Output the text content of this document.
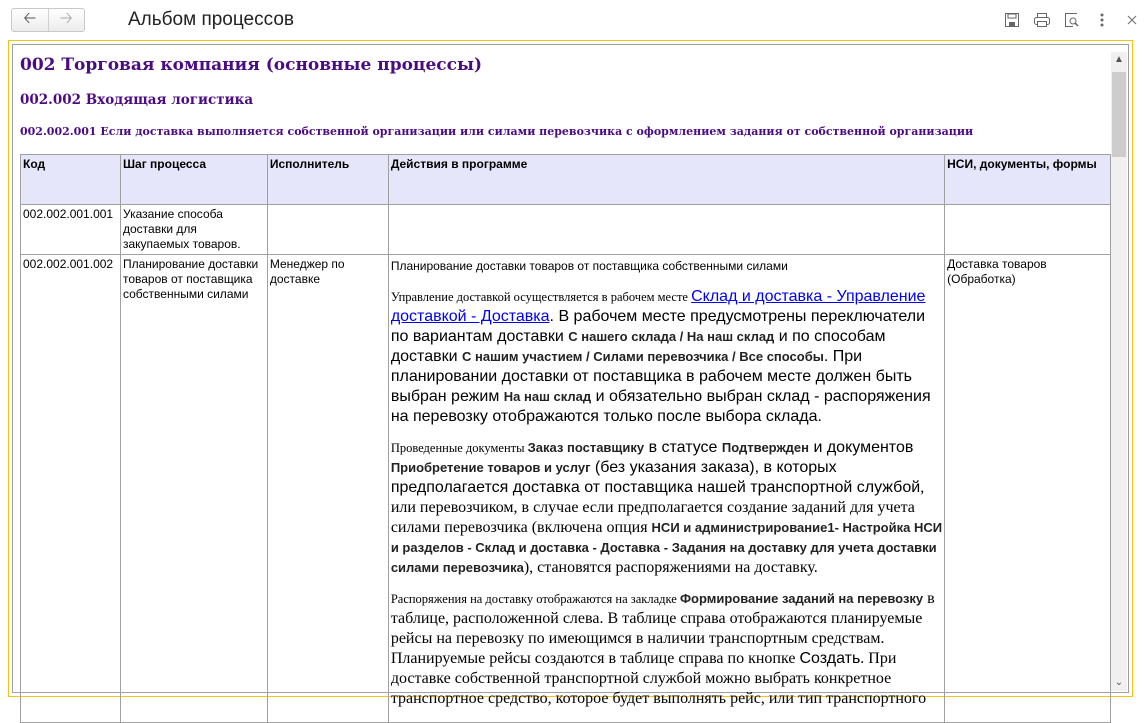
🡠 🡢	Альбом процессов
002 Торговая компания (основные процессы)
002.002 Входящая логистика
002.002.001 Если доставка выполняется собственной организации или силами перевозчика с оформлением задания от собственной организации
Код	Шаг процесса	Исполнитель	Действия в программе	НСИ, документы, формы
002.002.001.001	Указание способа доставки для закупаемых товаров.			
002.002.001.002	Планирование доставки товаров от поставщика собственными силами	Менеджер по доставке	Планирование доставки товаров от поставщика собственными силами

Управление доставкой осуществляется в рабочем месте Склад и доставка - Управление доставкой - Доставка. В рабочем месте предусмотрены переключатели по вариантам доставки С нашего склада / На наш склад и по способам доставки С нашим участием / Силами перевозчика / Все способы. При планировании доставки от поставщика в рабочем месте должен быть выбран режим На наш склад и обязательно выбран склад - распоряжения на перевозку отображаются только после выбора склада.

Проведенные документы Заказ поставщику в статусе Подтвержден и документов Приобретение товаров и услуг (без указания заказа), в которых предполагается доставка от поставщика нашей транспортной службой, или перевозчиком, в случае если предполагается создание заданий для учета силами перевозчика (включена опция НСИ и администрирование1- Настройка НСИ и разделов - Склад и доставка - Доставка - Задания на доставку для учета доставки силами перевозчика), становятся распоряжениями на доставку.

Распоряжения на доставку отображаются на закладке Формирование заданий на перевозку в таблице, расположенной слева. В таблице справа отображаются планируемые рейсы на перевозку по имеющимся в наличии транспортным средствам. Планируемые рейсы создаются в таблице справа по кнопке Создать. При доставке собственной транспортной службой можно выбрать конкретное транспортное средство, которое будет выполнять рейс, или тип транспортного	Доставка товаров (Обработка)
▲
⌄
